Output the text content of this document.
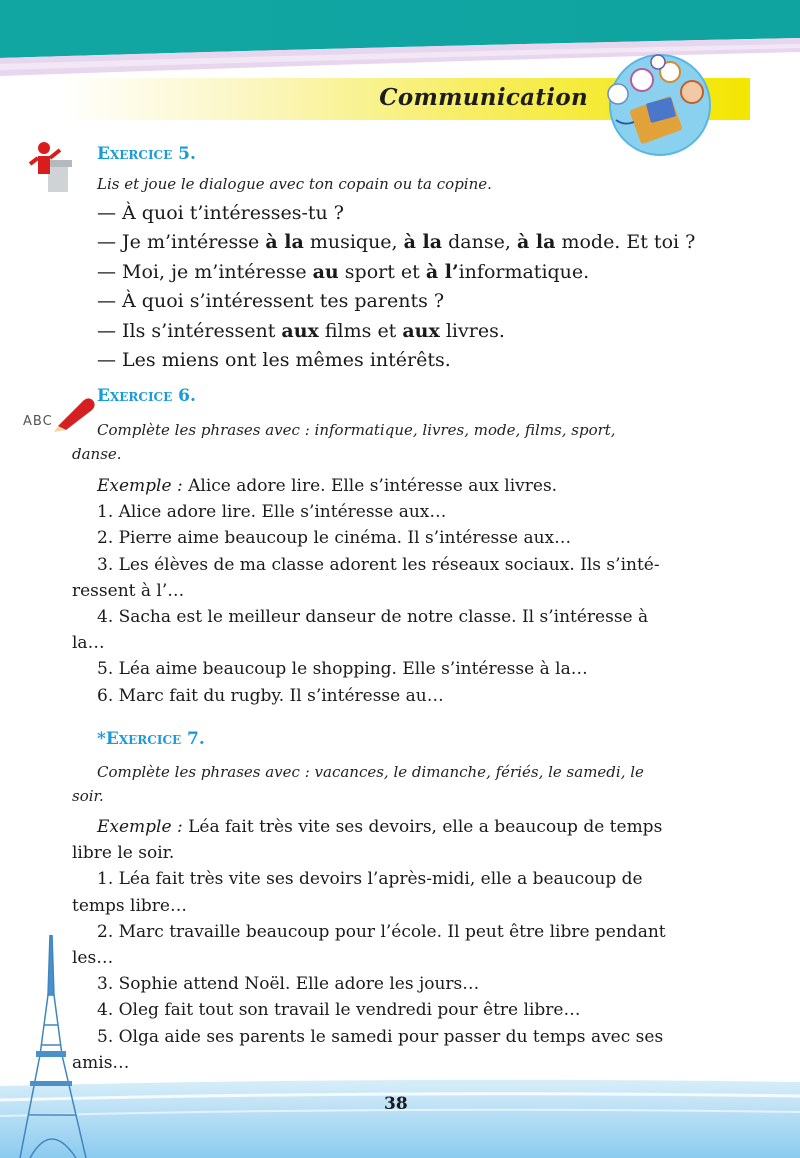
Communication
Exercice 5.
Lis et joue le dialogue avec ton copain ou ta copine.
— À quoi t’intéresses-tu ?
— Je m’intéresse à la musique, à la danse, à la mode. Et toi ?
— Moi, je m’intéresse au sport et à l’informatique.
— À quoi s’intéressent tes parents ?
— Ils s’intéressent aux films et aux livres.
— Les miens ont les mêmes intérêts.
Exercice 6.
ABC	Complète les phrases avec : informatique, livres, mode, films, sport,
danse.
Exemple : Alice adore lire. Elle s’intéresse aux livres.
1. Alice adore lire. Elle s’intéresse aux…
2. Pierre aime beaucoup le cinéma. Il s’intéresse aux…
3. Les élèves de ma classe adorent les réseaux sociaux. Ils s’inté-
ressent à l’…
4. Sacha est le meilleur danseur de notre classe. Il s’intéresse à
la…
5. Léa aime beaucoup le shopping. Elle s’intéresse à la…
6. Marc fait du rugby. Il s’intéresse au…
*Exercice 7.
Complète les phrases avec : vacances, le dimanche, fériés, le samedi, le
soir.
Exemple : Léa fait très vite ses devoirs, elle a beaucoup de temps
libre le soir.
1. Léa fait très vite ses devoirs l’après-midi, elle a beaucoup de
temps libre…
2. Marc travaille beaucoup pour l’école. Il peut être libre pendant
les…
3. Sophie attend Noël. Elle adore les jours…
4. Oleg fait tout son travail le vendredi pour être libre…
5. Olga aide ses parents le samedi pour passer du temps avec ses
amis…
38
